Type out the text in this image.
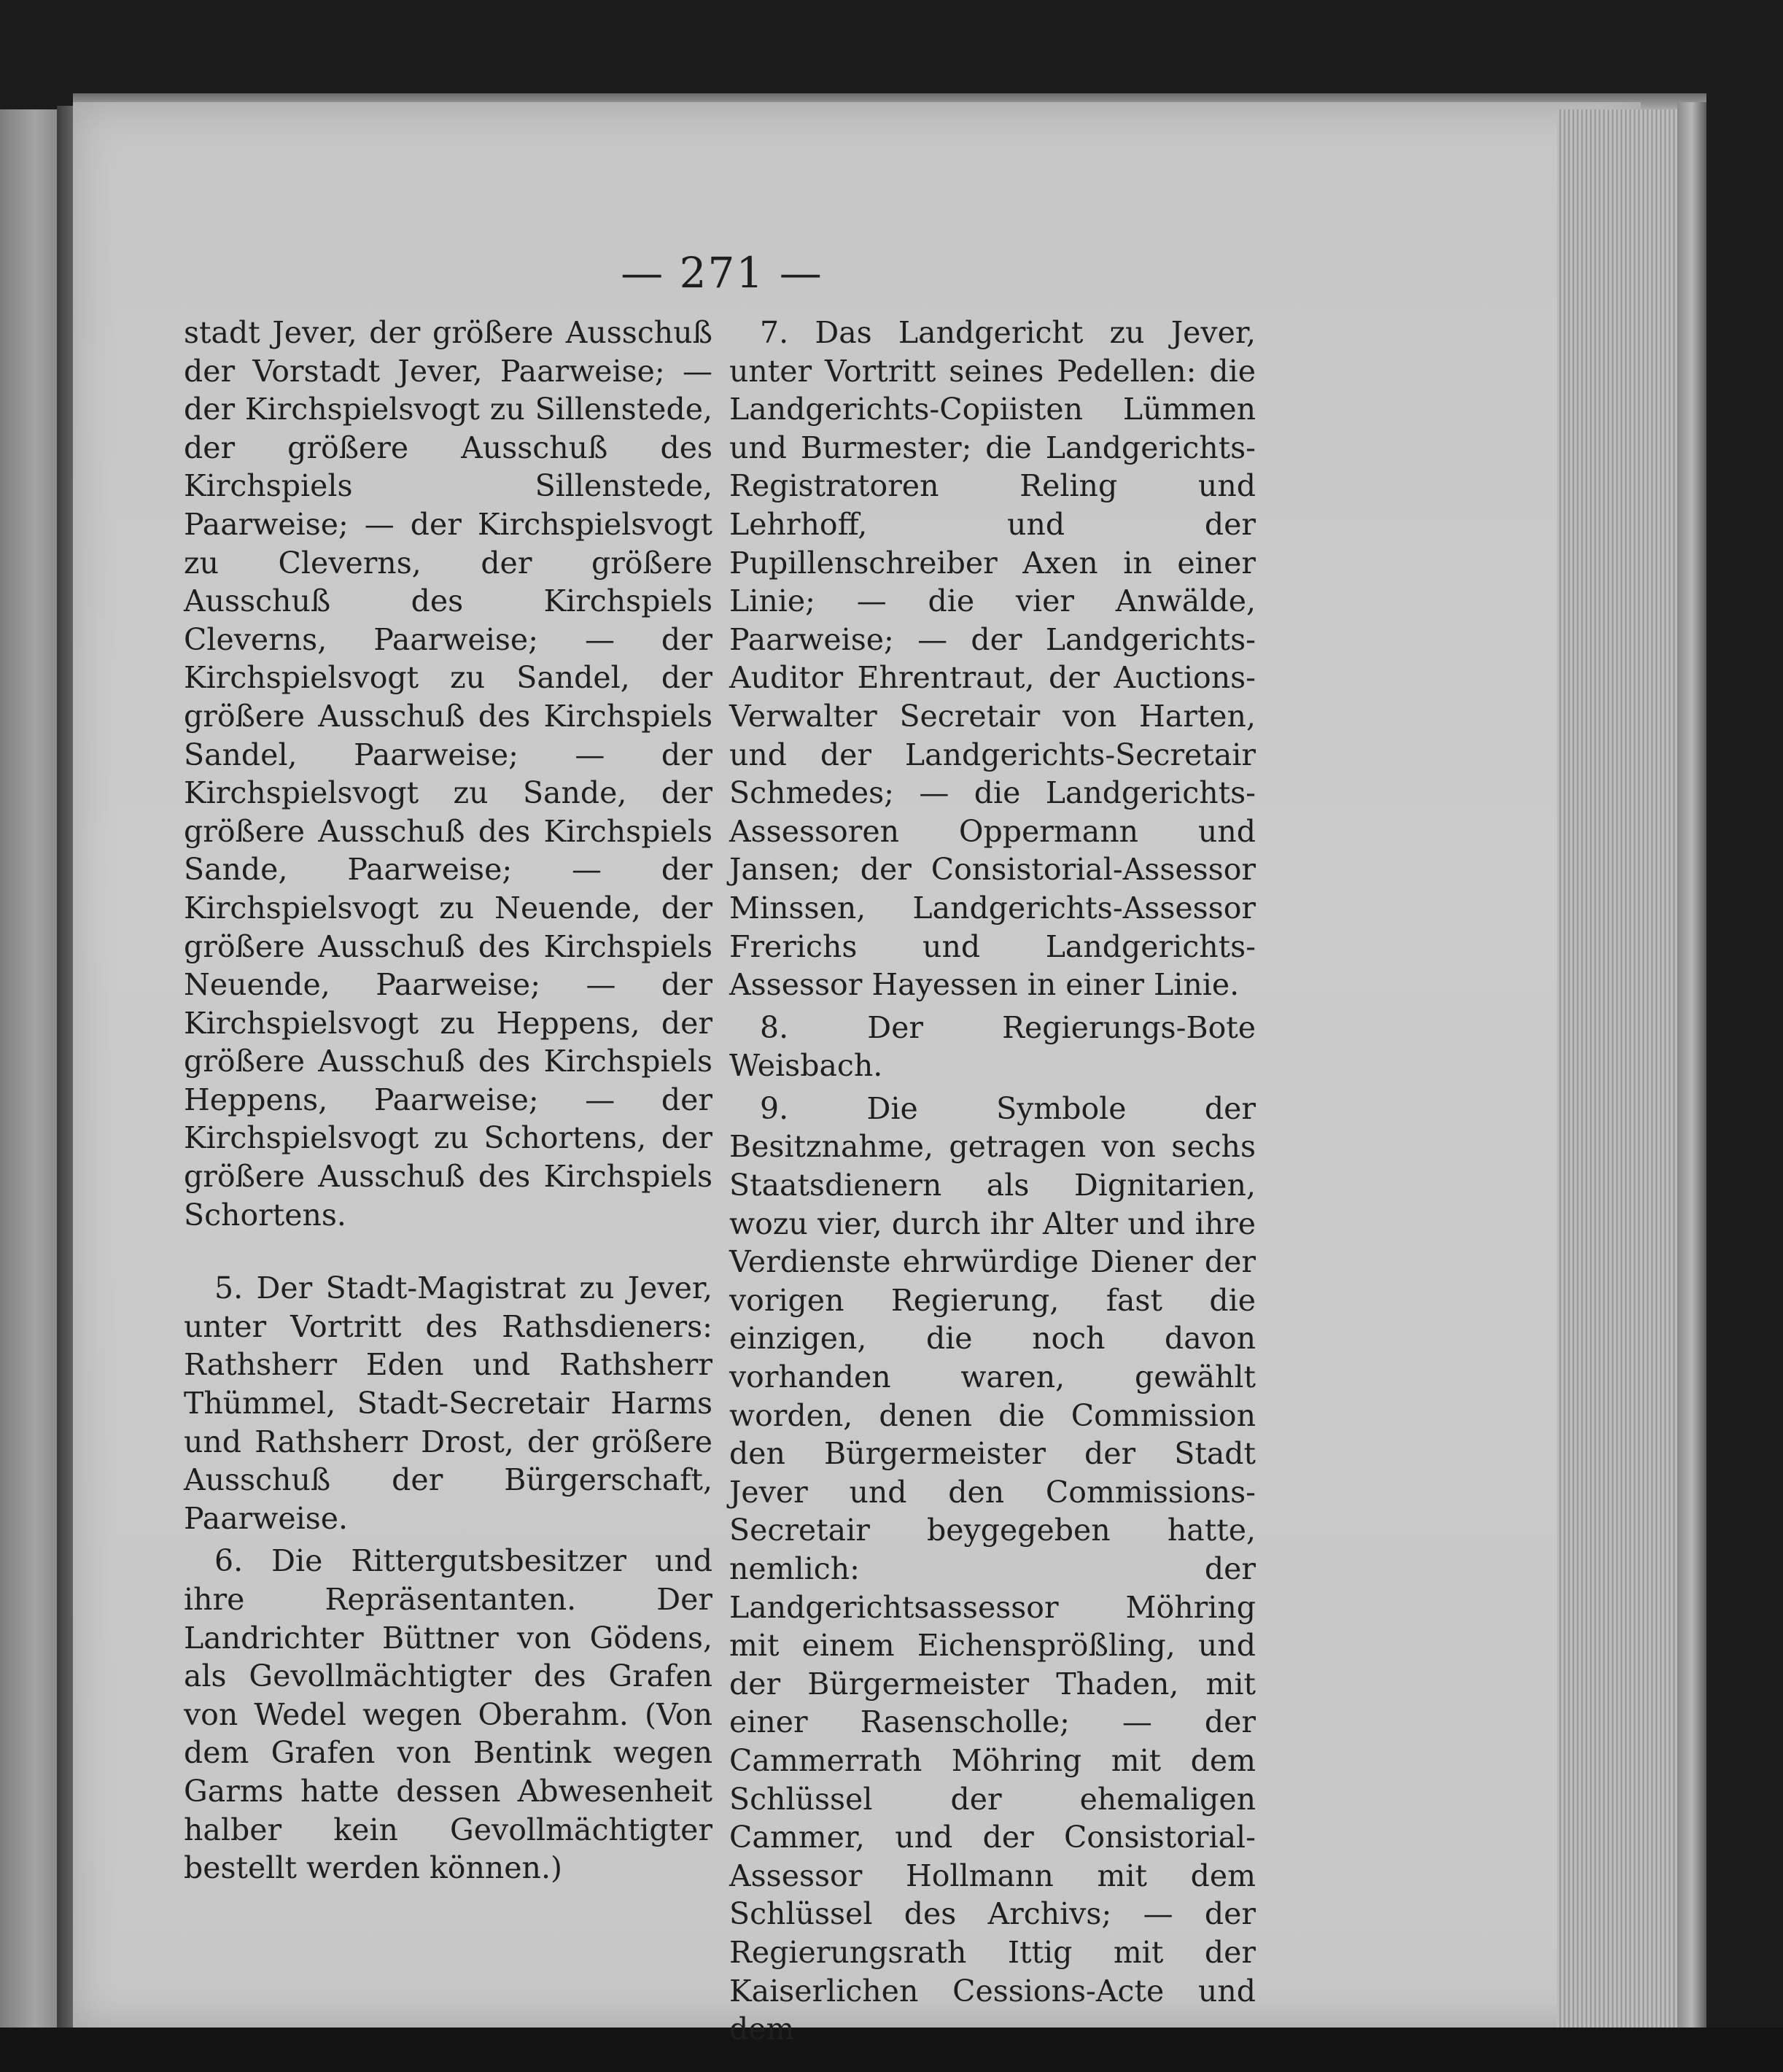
— 271 —

stadt Jever, der größere Ausschuß der Vorstadt Jever, Paarweise; — der Kirchspielsvogt zu Sillenstede, der größere Ausschuß des Kirchspiels Sillenstede, Paarweise; — der Kirchspielsvogt zu Cleverns, der größere Ausschuß des Kirchspiels Cleverns, Paarweise; — der Kirchspielsvogt zu Sandel, der größere Ausschuß des Kirchspiels Sandel, Paarweise; — der Kirchspielsvogt zu Sande, der größere Ausschuß des Kirchspiels Sande, Paarweise; — der Kirchspielsvogt zu Neuende, der größere Ausschuß des Kirchspiels Neuende, Paarweise; — der Kirchspielsvogt zu Heppens, der größere Ausschuß des Kirchspiels Heppens, Paarweise; — der Kirchspielsvogt zu Schortens, der größere Ausschuß des Kirchspiels Schortens.

5. Der Stadt-Magistrat zu Jever, unter Vortritt des Rathsdieners: Rathsherr Eden und Rathsherr Thümmel, Stadt-Secretair Harms und Rathsherr Drost, der größere Ausschuß der Bürgerschaft, Paarweise.

6. Die Rittergutsbesitzer und ihre Repräsentanten. Der Landrichter Büttner von Gödens, als Gevollmächtigter des Grafen von Wedel wegen Oberahm. (Von dem Grafen von Bentink wegen Garms hatte dessen Abwesenheit halber kein Gevollmächtigter bestellt werden können.)

7. Das Landgericht zu Jever, unter Vortritt seines Pedellen: die Landgerichts-Copiisten Lümmen und Burmester; die Landgerichts-Registratoren Reling und Lehrhoff, und der Pupillenschreiber Axen in einer Linie; — die vier Anwälde, Paarweise; — der Landgerichts-Auditor Ehrentraut, der Auctions-Verwalter Secretair von Harten, und der Landgerichts-Secretair Schmedes; — die Landgerichts-Assessoren Oppermann und Jansen; der Consistorial-Assessor Minssen, Landgerichts-Assessor Frerichs und Landgerichts-Assessor Hayessen in einer Linie.

8. Der Regierungs-Bote Weisbach.

9. Die Symbole der Besitznahme, getragen von sechs Staatsdienern als Dignitarien, wozu vier, durch ihr Alter und ihre Verdienste ehrwürdige Diener der vorigen Regierung, fast die einzigen, die noch davon vorhanden waren, gewählt worden, denen die Commission den Bürgermeister der Stadt Jever und den Commissions-Secretair beygegeben hatte, nemlich: der Landgerichtsassessor Möhring mit einem Eichensprößling, und der Bürgermeister Thaden, mit einer Rasenscholle; — der Cammerrath Möhring mit dem Schlüssel der ehemaligen Cammer, und der Consistorial-Assessor Hollmann mit dem Schlüssel des Archivs; — der Regierungsrath Ittig mit der Kaiserlichen Cessions-Acte und dem
